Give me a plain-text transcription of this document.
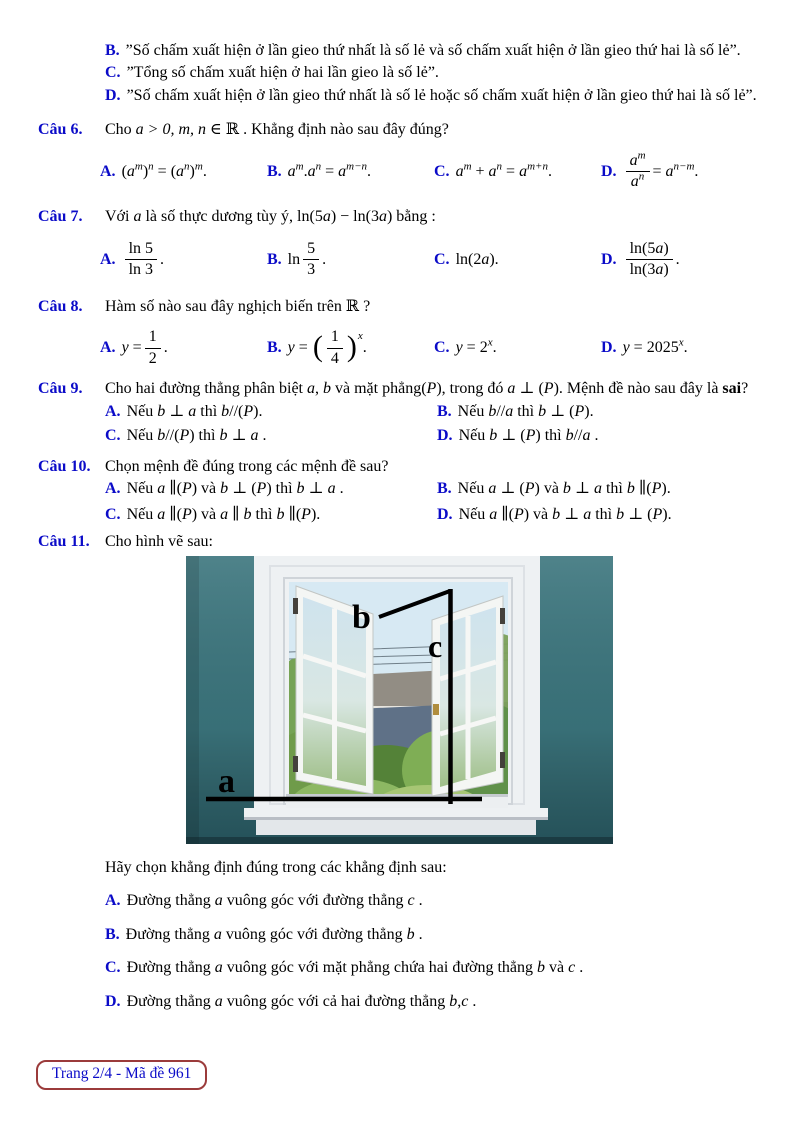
B. ”Số chấm xuất hiện ở lần gieo thứ nhất là số lẻ và số chấm xuất hiện ở lần gieo thứ hai là số lẻ”.
C. ”Tổng số chấm xuất hiện ở hai lần gieo là số lẻ”.
D. ”Số chấm xuất hiện ở lần gieo thứ nhất là số lẻ hoặc số chấm xuất hiện ở lần gieo thứ hai là số lẻ”.
Câu 6.	Cho a > 0, m, n ∈ ℝ . Khẳng định nào sau đây đúng?
A. $(a^m)^n = (a^n)^m$.	B. $a^m.a^n = a^{m-n}$.	C. $a^m + a^n = a^{m+n}$.	D. $\frac{a^m}{a^n} = a^{n-m}$.
Câu 7.	Với a là số thực dương tùy ý, ln(5a) − ln(3a) bằng :
A. $\frac{\ln 5}{\ln 3}$ .	B. $\ln \frac{5}{3}$ .	C. ln(2a).	D. $\frac{\ln(5a)}{\ln(3a)}$ .
Câu 8.	Hàm số nào sau đây nghịch biến trên ℝ ?
A. $y = \frac{1}{2}$ .	B. y = ( $\frac{1}{4} )^x$.	C. $y = 2^x$.	D. $y = 2025^x$.
Câu 9.	Cho hai đường thẳng phân biệt a, b và mặt phẳng(P), trong đó a ⊥ (P). Mệnh đề nào sau đây là sai?
A. Nếu b ⊥ a thì b//(P).	B. Nếu b//a thì b ⊥ (P).
C. Nếu b//(P) thì b ⊥ a .	D. Nếu b ⊥ (P) thì b//a .
Câu 10. Chọn mệnh đề đúng trong các mệnh đề sau?
A. Nếu a ∥(P) và b ⊥ (P) thì b ⊥ a .	B. Nếu a ⊥ (P) và b ⊥ a thì b ∥(P).
C. Nếu a ∥(P) và a ∥ b thì b ∥(P).	D. Nếu a ∥(P) và b ⊥ a thì b ⊥ (P).
Câu 11. Cho hình vẽ sau:
a
b
c
Hãy chọn khẳng định đúng trong các khẳng định sau:
A. Đường thẳng a vuông góc với đường thẳng c .
B. Đường thẳng a vuông góc với đường thẳng b .
C. Đường thẳng a vuông góc với mặt phẳng chứa hai đường thẳng b và c .
D. Đường thẳng a vuông góc với cả hai đường thẳng b,c .
Trang 2/4 - Mã đề 961
